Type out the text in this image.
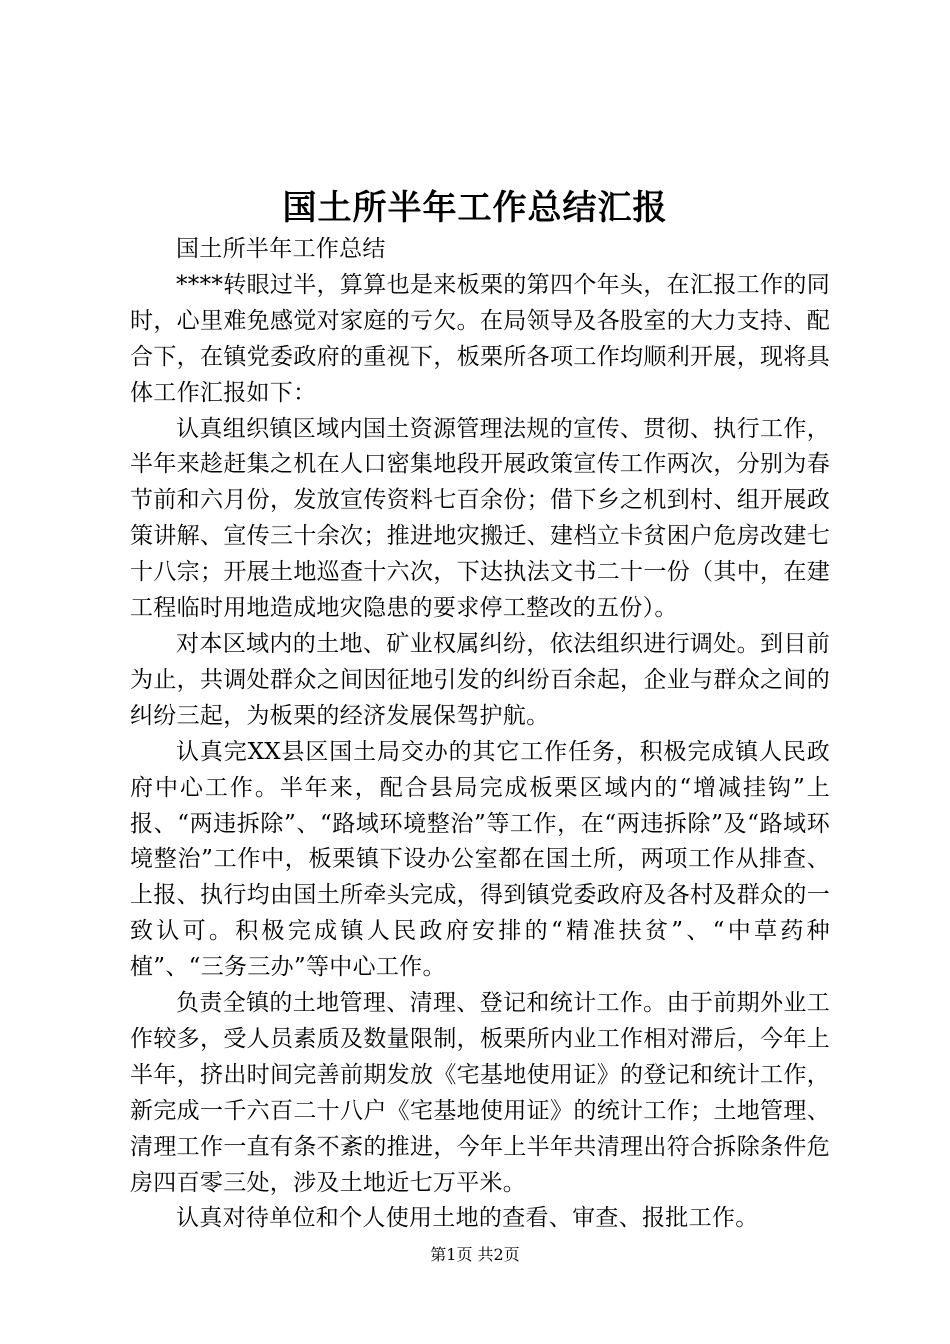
国土所半年工作总结汇报

国土所半年工作总结

****转眼过半，算算也是来板栗的第四个年头，在汇报工作的同时，心里难免感觉对家庭的亏欠。在局领导及各股室的大力支持、配合下，在镇党委政府的重视下，板栗所各项工作均顺利开展，现将具体工作汇报如下：

认真组织镇区域内国土资源管理法规的宣传、贯彻、执行工作，半年来趁赶集之机在人口密集地段开展政策宣传工作两次，分别为春节前和六月份，发放宣传资料七百余份；借下乡之机到村、组开展政策讲解、宣传三十余次；推进地灾搬迁、建档立卡贫困户危房改建七十八宗；开展土地巡查十六次，下达执法文书二十一份（其中，在建工程临时用地造成地灾隐患的要求停工整改的五份）。

对本区域内的土地、矿业权属纠纷，依法组织进行调处。到目前为止，共调处群众之间因征地引发的纠纷百余起，企业与群众之间的纠纷三起，为板栗的经济发展保驾护航。

认真完XX县区国土局交办的其它工作任务，积极完成镇人民政府中心工作。半年来，配合县局完成板栗区域内的“增减挂钩”上报、“两违拆除”、“路域环境整治”等工作，在“两违拆除”及“路域环境整治”工作中，板栗镇下设办公室都在国土所，两项工作从排查、上报、执行均由国土所牵头完成，得到镇党委政府及各村及群众的一致认可。积极完成镇人民政府安排的“精准扶贫”、“中草药种植”、“三务三办”等中心工作。

负责全镇的土地管理、清理、登记和统计工作。由于前期外业工作较多，受人员素质及数量限制，板栗所内业工作相对滞后，今年上半年，挤出时间完善前期发放《宅基地使用证》的登记和统计工作，新完成一千六百二十八户《宅基地使用证》的统计工作；土地管理、清理工作一直有条不紊的推进，今年上半年共清理出符合拆除条件危房四百零三处，涉及土地近七万平米。

认真对待单位和个人使用土地的查看、审查、报批工作。

第1页 共2页
